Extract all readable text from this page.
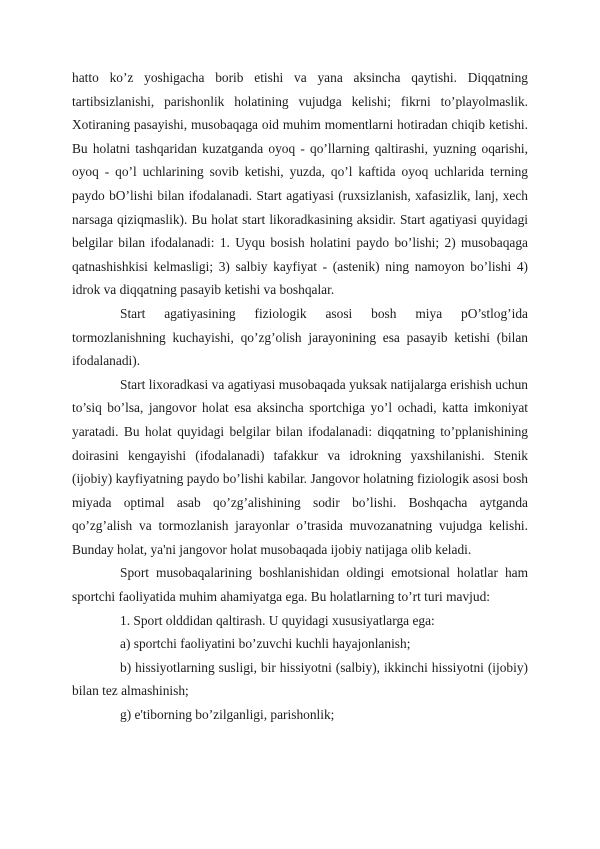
hatto ko’z yoshigacha borib etishi va yana aksincha qaytishi. Diqqatning tartibsizlanishi, parishonlik holatining vujudga kelishi; fikrni to’playolmaslik. Xotiraning pasayishi, musobaqaga oid muhim momentlarni hotiradan chiqib ketishi. Bu holatni tashqaridan kuzatganda oyoq - qo’llarning qaltirashi, yuzning oqarishi, oyoq - qo’l uchlarining sovib ketishi, yuzda, qo’l kaftida oyoq uchlarida terning paydo bO’lishi bilan ifodalanadi. Start agatiyasi (ruxsizlanish, xafasizlik, lanj, xech narsaga qiziqmaslik). Bu holat start likoradkasining aksidir. Start agatiyasi quyidagi belgilar bilan ifodalanadi: 1. Uyqu bosish holatini paydo bo’lishi; 2) musobaqaga qatnashishkisi kelmasligi; 3) salbiy kayfiyat - (astenik) ning namoyon bo’lishi 4) idrok va diqqatning pasayib ketishi va boshqalar.

Start agatiyasining fiziologik asosi bosh miya pO’stlog’ida tormozlanishning kuchayishi, qo’zg’olish jarayonining esa pasayib ketishi (bilan ifodalanadi).

Start lixoradkasi va agatiyasi musobaqada yuksak natijalarga erishish uchun to’siq bo’lsa, jangovor holat esa aksincha sportchiga yo’l ochadi, katta imkoniyat yaratadi. Bu holat quyidagi belgilar bilan ifodalanadi: diqqatning to’pplanishining doirasini kengayishi (ifodalanadi) tafakkur va idrokning yaxshilanishi. Stenik (ijobiy) kayfiyatning paydo bo’lishi kabilar. Jangovor holatning fiziologik asosi bosh miyada optimal asab qo’zg’alishining sodir bo’lishi. Boshqacha aytganda qo’zg’alish va tormozlanish jarayonlar o’trasida muvozanatning vujudga kelishi. Bunday holat, ya'ni jangovor holat musobaqada ijobiy natijaga olib keladi.

Sport musobaqalarining boshlanishidan oldingi emotsional holatlar ham sportchi faoliyatida muhim ahamiyatga ega. Bu holatlarning to’rt turi mavjud:

1. Sport olddidan qaltirash. U quyidagi xususiyatlarga ega:

a) sportchi faoliyatini bo’zuvchi kuchli hayajonlanish;

b) hissiyotlarning susligi, bir hissiyotni (salbiy), ikkinchi hissiyotni (ijobiy) bilan tez almashinish;

g) e'tiborning bo’zilganligi, parishonlik;
